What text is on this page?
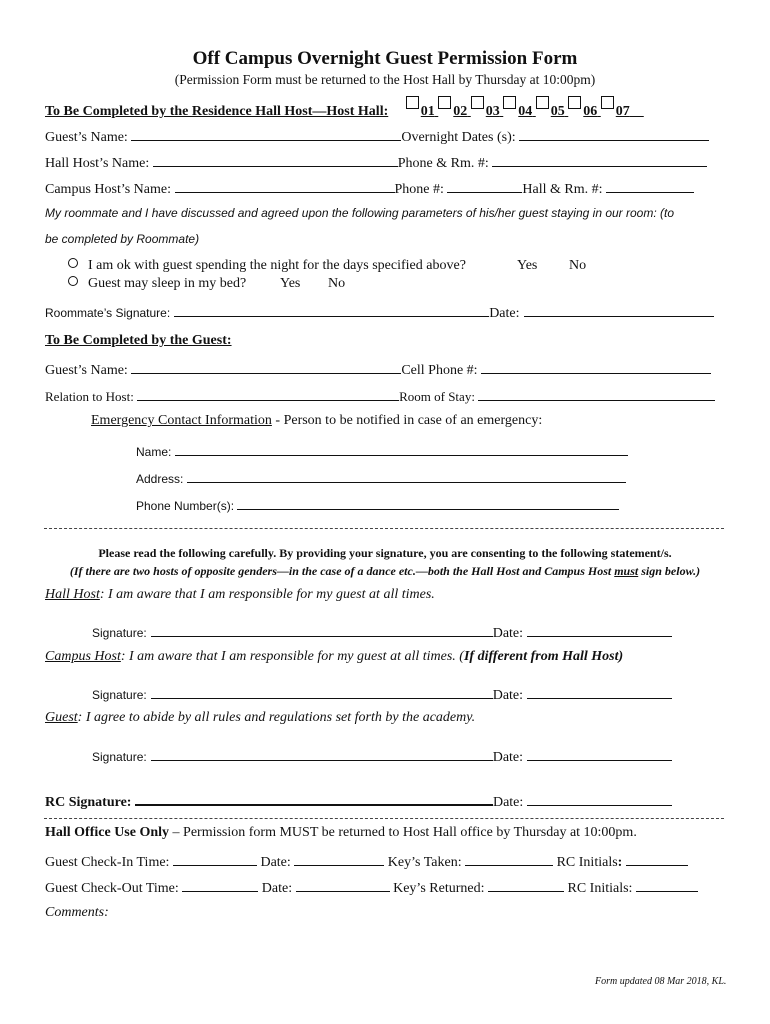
Off Campus Overnight Guest Permission Form
(Permission Form must be returned to the Host Hall by Thursday at 10:00pm)
To Be Completed by the Residence Hall Host—Host Hall: 01 02 03 04 05 06 07
Guest’s Name:	Overnight Dates (s):
Hall Host’s Name:	Phone & Rm. #:
Campus Host’s Name:	Phone #:	Hall & Rm. #:
My roommate and I have discussed and agreed upon the following parameters of his/her guest staying in our room: (to
be completed by Roommate)
I am ok with guest spending the night for the days specified above?	Yes No
Guest may sleep in my bed? Yes No
Roommate’s Signature:	Date:
To Be Completed by the Guest:
Guest’s Name:	Cell Phone #:
Relation to Host:	Room of Stay:
Emergency Contact Information - Person to be notified in case of an emergency:
Name:
Address:
Phone Number(s):
Please read the following carefully. By providing your signature, you are consenting to the following statement/s.
(If there are two hosts of opposite genders—in the case of a dance etc.—both the Hall Host and Campus Host must sign below.)
Hall Host: I am aware that I am responsible for my guest at all times.
Signature:	Date:
Campus Host: I am aware that I am responsible for my guest at all times. (If different from Hall Host)
Signature:	Date:
Guest: I agree to abide by all rules and regulations set forth by the academy.
Signature:	Date:
RC Signature:	Date:
Hall Office Use Only – Permission form MUST be returned to Host Hall office by Thursday at 10:00pm.
Guest Check-In Time:	Date:	Key’s Taken:	RC Initials:
Guest Check-Out Time:	Date:	Key’s Returned:	RC Initials:
Comments:
Form updated 08 Mar 2018, KL.
